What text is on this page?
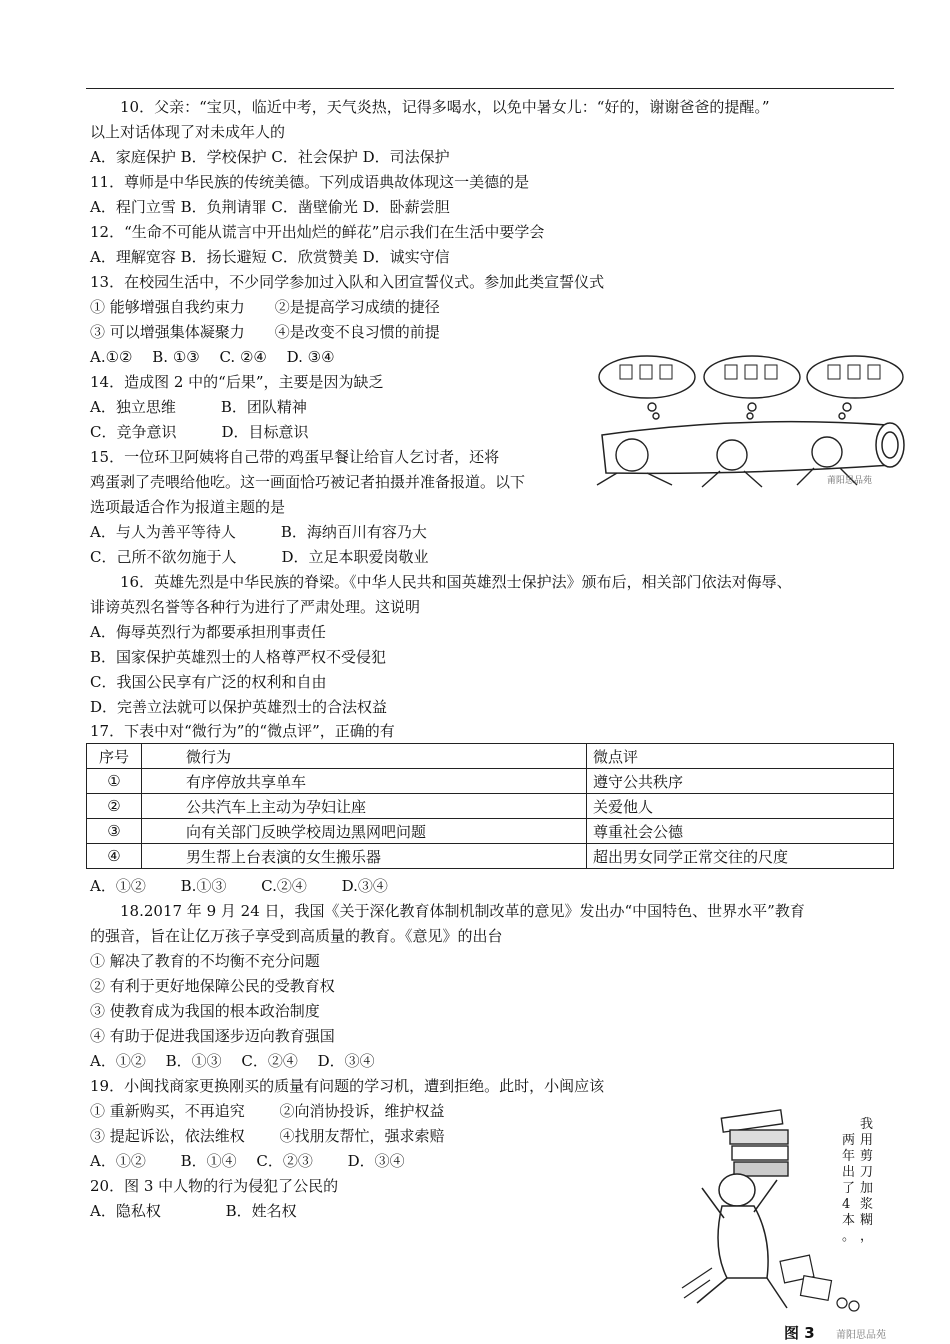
10．父亲：“宝贝，临近中考，天气炎热，记得多喝水，以免中暑女儿：“好的，谢谢爸爸的提醒。”
以上对话体现了对未成年人的
A．家庭保护 B．学校保护 C．社会保护 D．司法保护
11．尊师是中华民族的传统美德。下列成语典故体现这一美德的是
A．程门立雪 B．负荆请罪 C．凿壁偷光 D．卧薪尝胆
12．“生命不可能从谎言中开出灿烂的鲜花”启示我们在生活中要学会
A．理解宽容 B．扬长避短 C．欣赏赞美 D．诚实守信
13．在校园生活中，不少同学参加过入队和入团宣誓仪式。参加此类宣誓仪式
① 能够增强自我约束力　　②是提高学习成绩的捷径
③ 可以增强集体凝聚力　　④是改变不良习惯的前提
A.①②　 B. ①③　 C. ②④　 D. ③④
14．造成图 2 中的“后果”，主要是因为缺乏
A．独立思维　　　B．团队精神
C．竞争意识　　　D．目标意识
15．一位环卫阿姨将自己带的鸡蛋早餐让给盲人乞讨者，还将
鸡蛋剥了壳喂给他吃。这一画面恰巧被记者拍摄并准备报道。以下
选项最适合作为报道主题的是
A．与人为善平等待人　　　B．海纳百川有容乃大
C．己所不欲勿施于人　　　D．立足本职爱岗敬业
莆阳思品苑
16．英雄先烈是中华民族的脊梁。《中华人民共和国英雄烈士保护法》颁布后，相关部门依法对侮辱、
诽谤英烈名誉等各种行为进行了严肃处理。这说明
A．侮辱英烈行为都要承担刑事责任
B．国家保护英雄烈士的人格尊严权不受侵犯
C．我国公民享有广泛的权利和自由
D．完善立法就可以保护英雄烈士的合法权益
17．下表中对“微行为”的“微点评”，正确的有
序号	微行为	微点评
①	有序停放共享单车	遵守公共秩序
②	公共汽车上主动为孕妇让座	关爱他人
③	向有关部门反映学校周边黑网吧问题	尊重社会公德
④	男生帮上台表演的女生搬乐器	超出男女同学正常交往的尺度
A．①②　　 B.①③　　 C.②④　　 D.③④
18.2017 年 9 月 24 日，我国《关于深化教育体制机制改革的意见》发出办“中国特色、世界水平”教育
的强音，旨在让亿万孩子享受到高质量的教育。《意见》的出台
① 解决了教育的不均衡不充分问题
② 有利于更好地保障公民的受教育权
③ 使教育成为我国的根本政治制度
④ 有助于促进我国逐步迈向教育强国
A．①②　 B．①③　 C．②④　 D．③④
19．小闽找商家更换刚买的质量有问题的学习机，遭到拒绝。此时，小闽应该
① 重新购买，不再追究　　 ②向消协投诉，维护权益
③ 提起诉讼，依法维权　　 ④找朋友帮忙，强求索赔
A．①②　　 B．①④　 C．②③　　 D．③④
20．图 3 中人物的行为侵犯了公民的
A．隐私权　　　　 B．姓名权
我
用
剪
刀
加
浆
糊
，
两
年
出
了
4
本
。
图 3 莆阳思品苑
